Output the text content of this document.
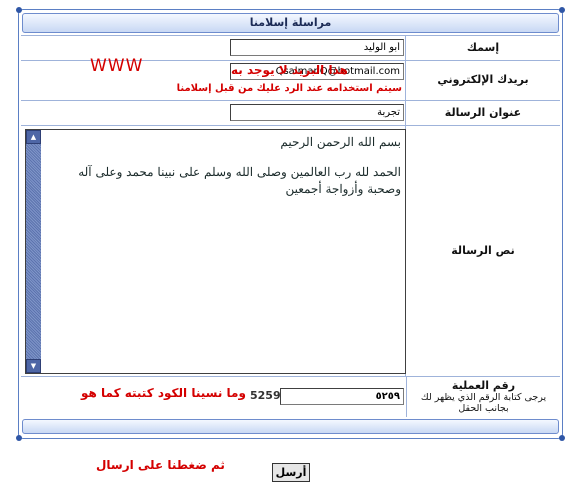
مراسلة إسلامنا
إسمك
أبو الوليد
بريدك الإلكتروني
QsalmanQ@hotmail.com
WWW	هذا البريد لا يوجد به
سيتم استخدامه عند الرد عليك من قبل إسلامنا
عنوان الرسالة
تجربة
نص الرسالة
▲
▼

بسم الله الرحمن الرحيم

الحمد لله رب العالمين وصلى الله وسلم على نبينا محمد وعلى آله وصحبة وأزواجة أجمعين

رقم العملية
يرجى كتابة الرقم الذي يظهر لك بجانب الحقل
٥٢٥٩
5259
وما نسينا الكود كتبته كما هو
ثم ضغطنا على ارسال
أرسل
